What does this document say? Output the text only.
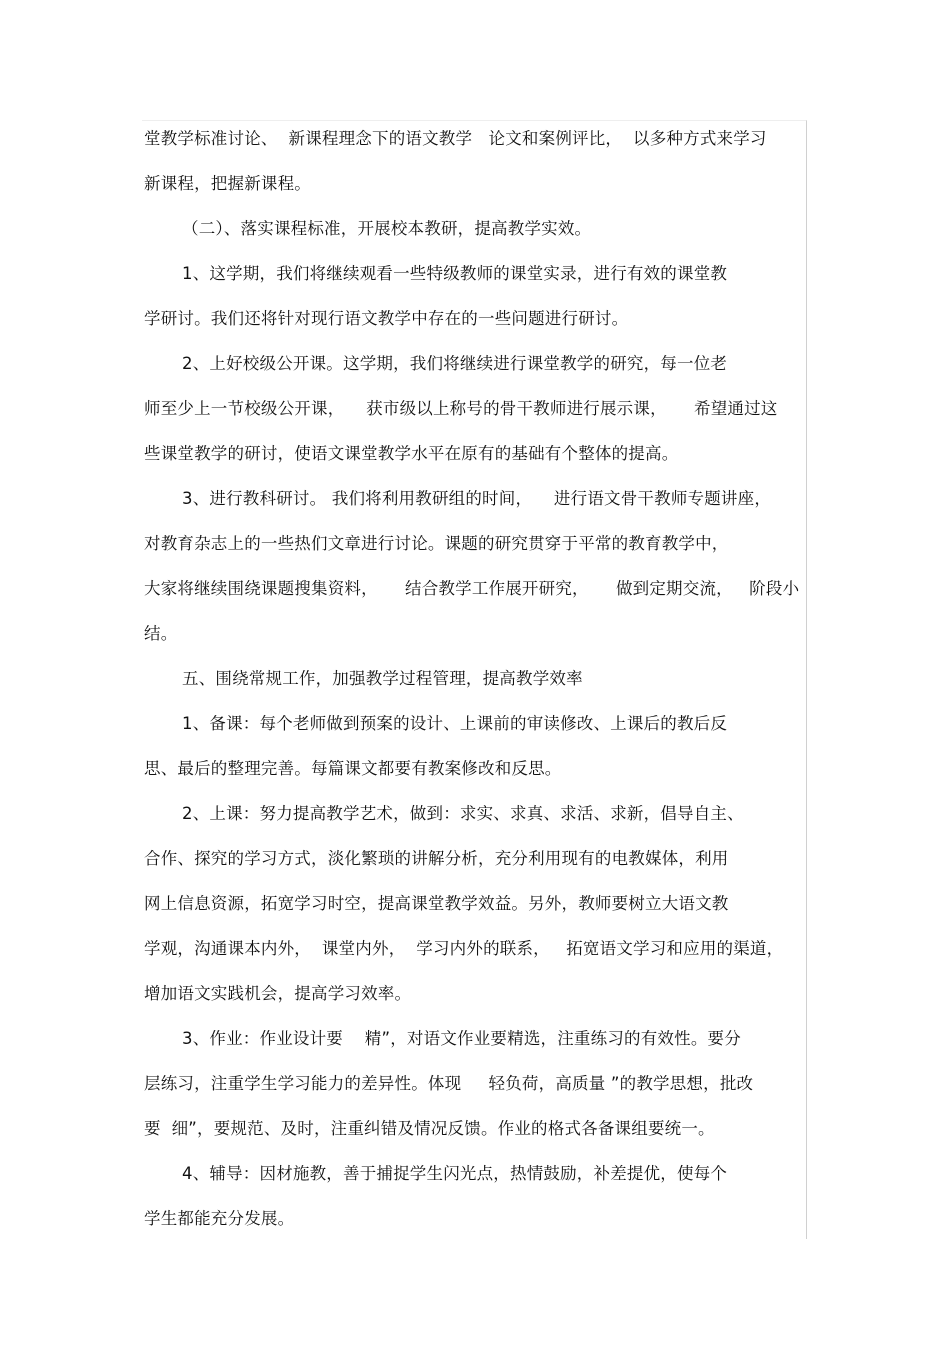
堂教学标准讨论、  新课程理念下的语文教学   论文和案例评比，  以多种方式来学习
新课程，把握新课程。
（二）、落实课程标准，开展校本教研，提高教学实效。
1、这学期，我们将继续观看一些特级教师的课堂实录，进行有效的课堂教
学研讨。我们还将针对现行语文教学中存在的一些问题进行研讨。
2、上好校级公开课。这学期，我们将继续进行课堂教学的研究，每一位老
师至少上一节校级公开课，    获市级以上称号的骨干教师进行展示课，     希望通过这
些课堂教学的研讨，使语文课堂教学水平在原有的基础有个整体的提高。
3、进行教科研讨。 我们将利用教研组的时间，    进行语文骨干教师专题讲座，
对教育杂志上的一些热们文章进行讨论。课题的研究贯穿于平常的教育教学中，
大家将继续围绕课题搜集资料，     结合教学工作展开研究，     做到定期交流，   阶段小
结。
五、围绕常规工作，加强教学过程管理，提高教学效率
1、备课：每个老师做到预案的设计、上课前的审读修改、上课后的教后反
思、最后的整理完善。每篇课文都要有教案修改和反思。
2、上课：努力提高教学艺术，做到：求实、求真、求活、求新，倡导自主、
合作、探究的学习方式，淡化繁琐的讲解分析，充分利用现有的电教媒体，利用
网上信息资源，拓宽学习时空，提高课堂教学效益。另外，教师要树立大语文教
学观，沟通课本内外，  课堂内外，  学习内外的联系，   拓宽语文学习和应用的渠道，
增加语文实践机会，提高学习效率。
3、作业：作业设计要    精”，对语文作业要精选，注重练习的有效性。要分
层练习，注重学生学习能力的差异性。体现     轻负荷，高质量 ”的教学思想，批改
要  细”，要规范、及时，注重纠错及情况反馈。作业的格式各备课组要统一。
4、辅导：因材施教，善于捕捉学生闪光点，热情鼓励，补差提优，使每个
学生都能充分发展。
